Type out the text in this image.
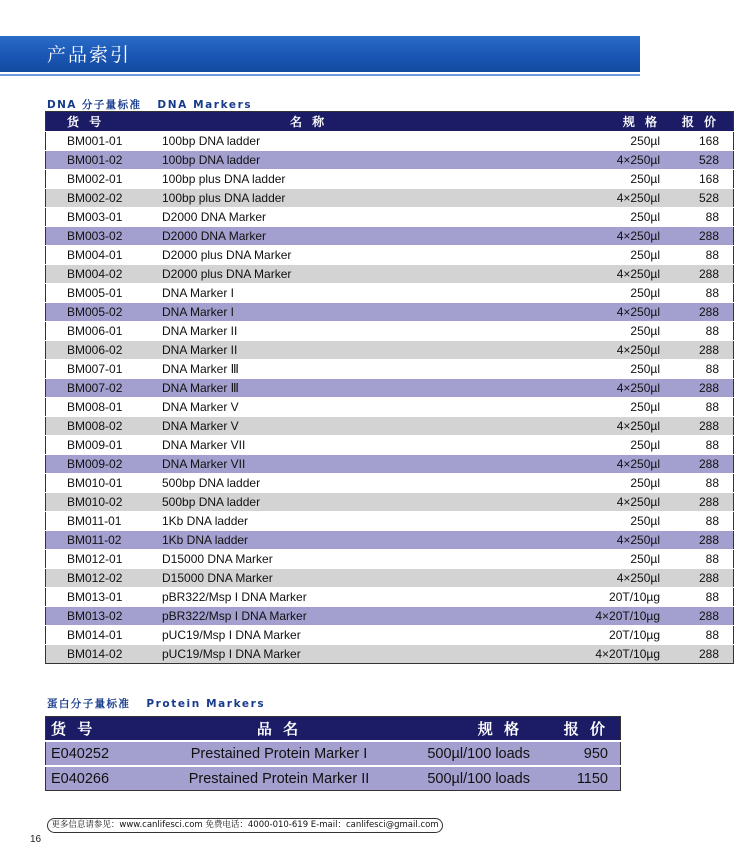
产品索引
DNA 分子量标准 DNA Markers
货 号	名 称	规 格	报 价
BM001-01	100bp DNA ladder	250µl	168
BM001-02	100bp DNA ladder	4×250µl	528
BM002-01	100bp plus DNA ladder	250µl	168
BM002-02	100bp plus DNA ladder	4×250µl	528
BM003-01	D2000 DNA Marker	250µl	88
BM003-02	D2000 DNA Marker	4×250µl	288
BM004-01	D2000 plus DNA Marker	250µl	88
BM004-02	D2000 plus DNA Marker	4×250µl	288
BM005-01	DNA Marker I	250µl	88
BM005-02	DNA Marker I	4×250µl	288
BM006-01	DNA Marker II	250µl	88
BM006-02	DNA Marker II	4×250µl	288
BM007-01	DNA Marker Ⅲ	250µl	88
BM007-02	DNA Marker Ⅲ	4×250µl	288
BM008-01	DNA Marker V	250µl	88
BM008-02	DNA Marker V	4×250µl	288
BM009-01	DNA Marker VII	250µl	88
BM009-02	DNA Marker VII	4×250µl	288
BM010-01	500bp DNA ladder	250µl	88
BM010-02	500bp DNA ladder	4×250µl	288
BM011-01	1Kb DNA ladder	250µl	88
BM011-02	1Kb DNA ladder	4×250µl	288
BM012-01	D15000 DNA Marker	250µl	88
BM012-02	D15000 DNA Marker	4×250µl	288
BM013-01	pBR322/Msp I DNA Marker	20T/10µg	88
BM013-02	pBR322/Msp I DNA Marker	4×20T/10µg	288
BM014-01	pUC19/Msp I DNA Marker	20T/10µg	88
BM014-02	pUC19/Msp I DNA Marker	4×20T/10µg	288
蛋白分子量标准 Protein Markers
货 号	品 名	规 格	报 价
E040252	Prestained Protein Marker I	500µl/100 loads	950
E040266	Prestained Protein Marker II	500µl/100 loads	1150
更多信息请参见：www.canlifesci.com 免费电话：4000-010-619 E-mail：canlifesci@gmail.com
16
